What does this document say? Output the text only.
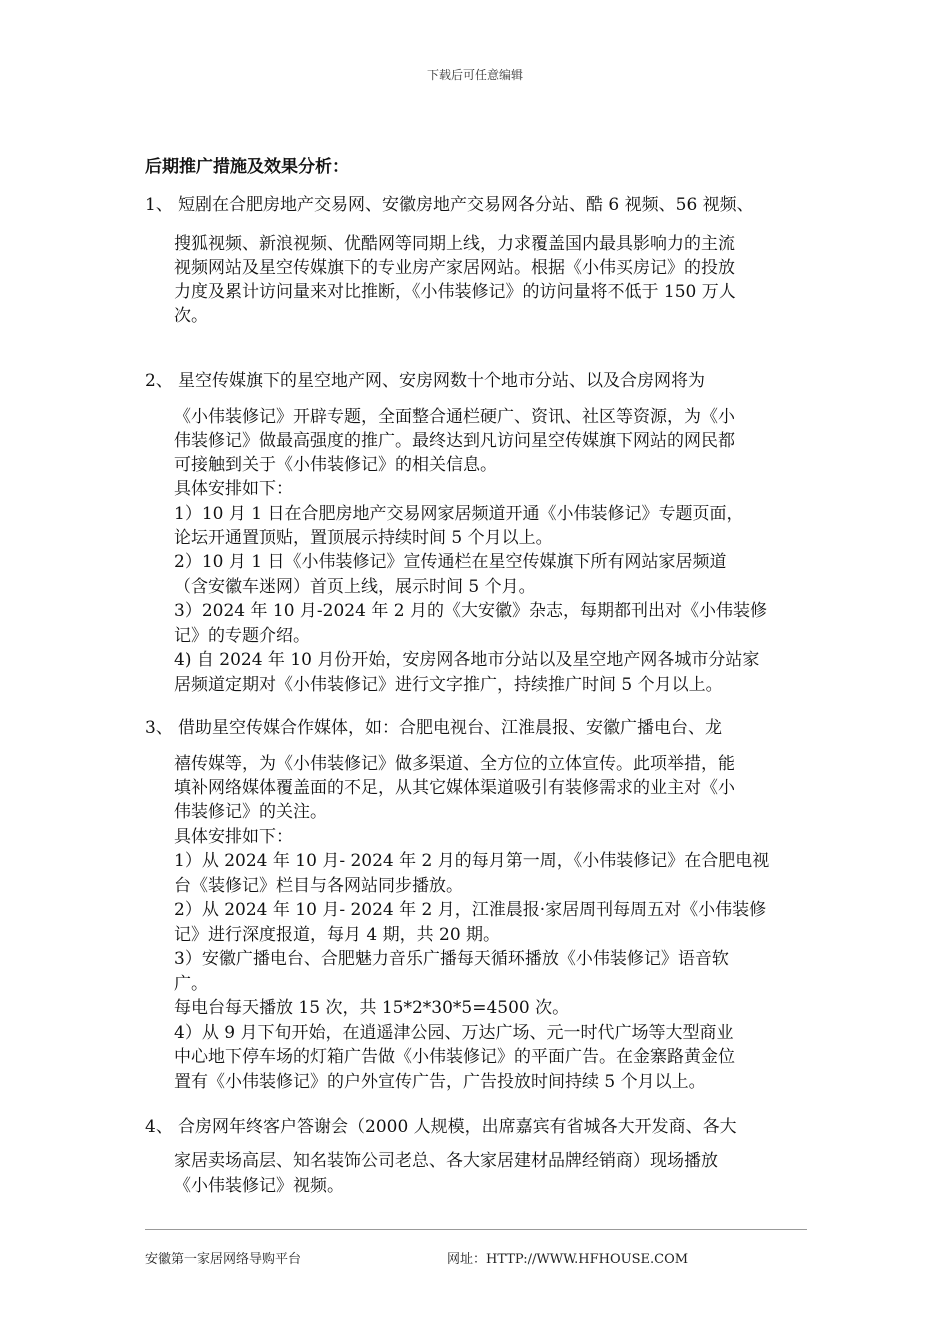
下载后可任意编辑
后期推广措施及效果分析：
1、 短剧在合肥房地产交易网、安徽房地产交易网各分站、酷 6 视频、56 视频、
搜狐视频、新浪视频、优酷网等同期上线，力求覆盖国内最具影响力的主流
视频网站及星空传媒旗下的专业房产家居网站。根据《小伟买房记》的投放
力度及累计访问量来对比推断，《小伟装修记》的访问量将不低于 150 万人
次。
2、 星空传媒旗下的星空地产网、安房网数十个地市分站、以及合房网将为
《小伟装修记》开辟专题，全面整合通栏硬广、资讯、社区等资源，为《小
伟装修记》做最高强度的推广。最终达到凡访问星空传媒旗下网站的网民都
可接触到关于《小伟装修记》的相关信息。
具体安排如下：
1）10 月 1 日在合肥房地产交易网家居频道开通《小伟装修记》专题页面，
论坛开通置顶贴，置顶展示持续时间 5 个月以上。
2）10 月 1 日《小伟装修记》宣传通栏在星空传媒旗下所有网站家居频道
（含安徽车迷网）首页上线，展示时间 5 个月。
3）2024 年 10 月-2024 年 2 月的《大安徽》杂志，每期都刊出对《小伟装修
记》的专题介绍。
4) 自 2024 年 10 月份开始，安房网各地市分站以及星空地产网各城市分站家
居频道定期对《小伟装修记》进行文字推广，持续推广时间 5 个月以上。
3、 借助星空传媒合作媒体，如：合肥电视台、江淮晨报、安徽广播电台、龙
禧传媒等，为《小伟装修记》做多渠道、全方位的立体宣传。此项举措，能
填补网络媒体覆盖面的不足，从其它媒体渠道吸引有装修需求的业主对《小
伟装修记》的关注。
具体安排如下：
1）从 2024 年 10 月- 2024 年 2 月的每月第一周，《小伟装修记》在合肥电视
台《装修记》栏目与各网站同步播放。
2）从 2024 年 10 月- 2024 年 2 月，江淮晨报·家居周刊每周五对《小伟装修
记》进行深度报道，每月 4 期，共 20 期。
3）安徽广播电台、合肥魅力音乐广播每天循环播放《小伟装修记》语音软
广。
每电台每天播放 15 次，共 15*2*30*5=4500 次。
4）从 9 月下旬开始，在逍遥津公园、万达广场、元一时代广场等大型商业
中心地下停车场的灯箱广告做《小伟装修记》的平面广告。在金寨路黄金位
置有《小伟装修记》的户外宣传广告，广告投放时间持续 5 个月以上。
4、 合房网年终客户答谢会（2000 人规模，出席嘉宾有省城各大开发商、各大
家居卖场高层、知名装饰公司老总、各大家居建材品牌经销商）现场播放
《小伟装修记》视频。
安徽第一家居网络导购平台	网址：HTTP://WWW.HFHOUSE.COM
